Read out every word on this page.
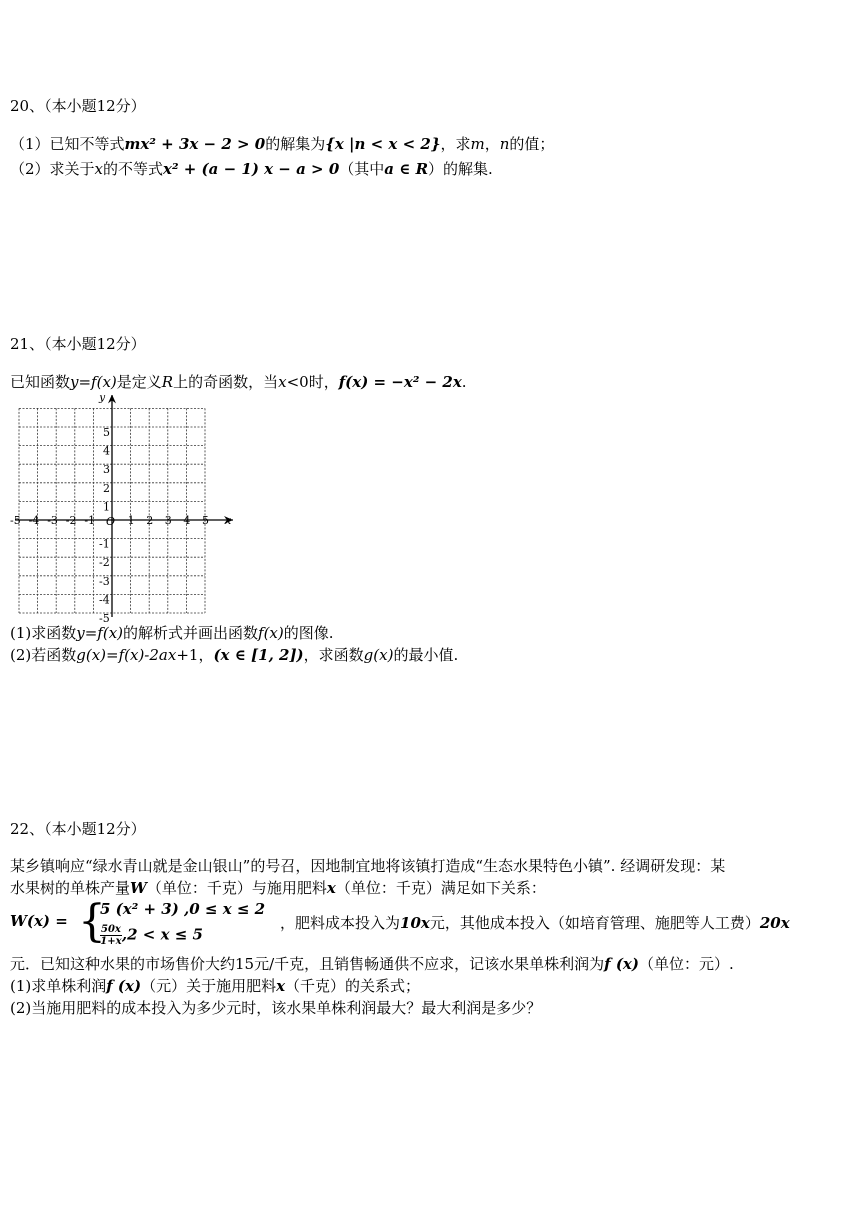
20、（本小题12分）
（1）已知不等式mx² + 3x − 2 > 0的解集为{x |n < x < 2}，求m，n的值；
（2）求关于x的不等式x² + (a − 1) x − a > 0（其中a ∈ R）的解集.
21、（本小题12分）
已知函数y=f(x)是定义R上的奇函数，当x<0时，f(x) = −x² − 2x.
-5 -4 -3 -2 -1	1 2 3 4 5
5
4
3
2
1
-1
-2
-3
-4
-5
O	x
y
(1)求函数y=f(x)的解析式并画出函数f(x)的图像.
(2)若函数g(x)=f(x)-2ax+1，(x ∈ [1, 2])，求函数g(x)的最小值.
22、（本小题12分）
某乡镇响应“绿水青山就是金山银山”的号召，因地制宜地将该镇打造成“生态水果特色小镇”. 经调研发现：某
水果树的单株产量W（单位：千克）与施用肥料x（单位：千克）满足如下关系：
W(x) = {
5 (x² + 3) ,0 ≤ x ≤ 2
$\frac{50x}{1+x},2 < x \le 5$
，肥料成本投入为10x元，其他成本投入（如培育管理、施肥等人工费）20x
元．已知这种水果的市场售价大约15元/千克，且销售畅通供不应求，记该水果单株利润为f (x)（单位：元）.
(1)求单株利润f (x)（元）关于施用肥料x（千克）的关系式；
(2)当施用肥料的成本投入为多少元时，该水果单株利润最大？最大利润是多少？
